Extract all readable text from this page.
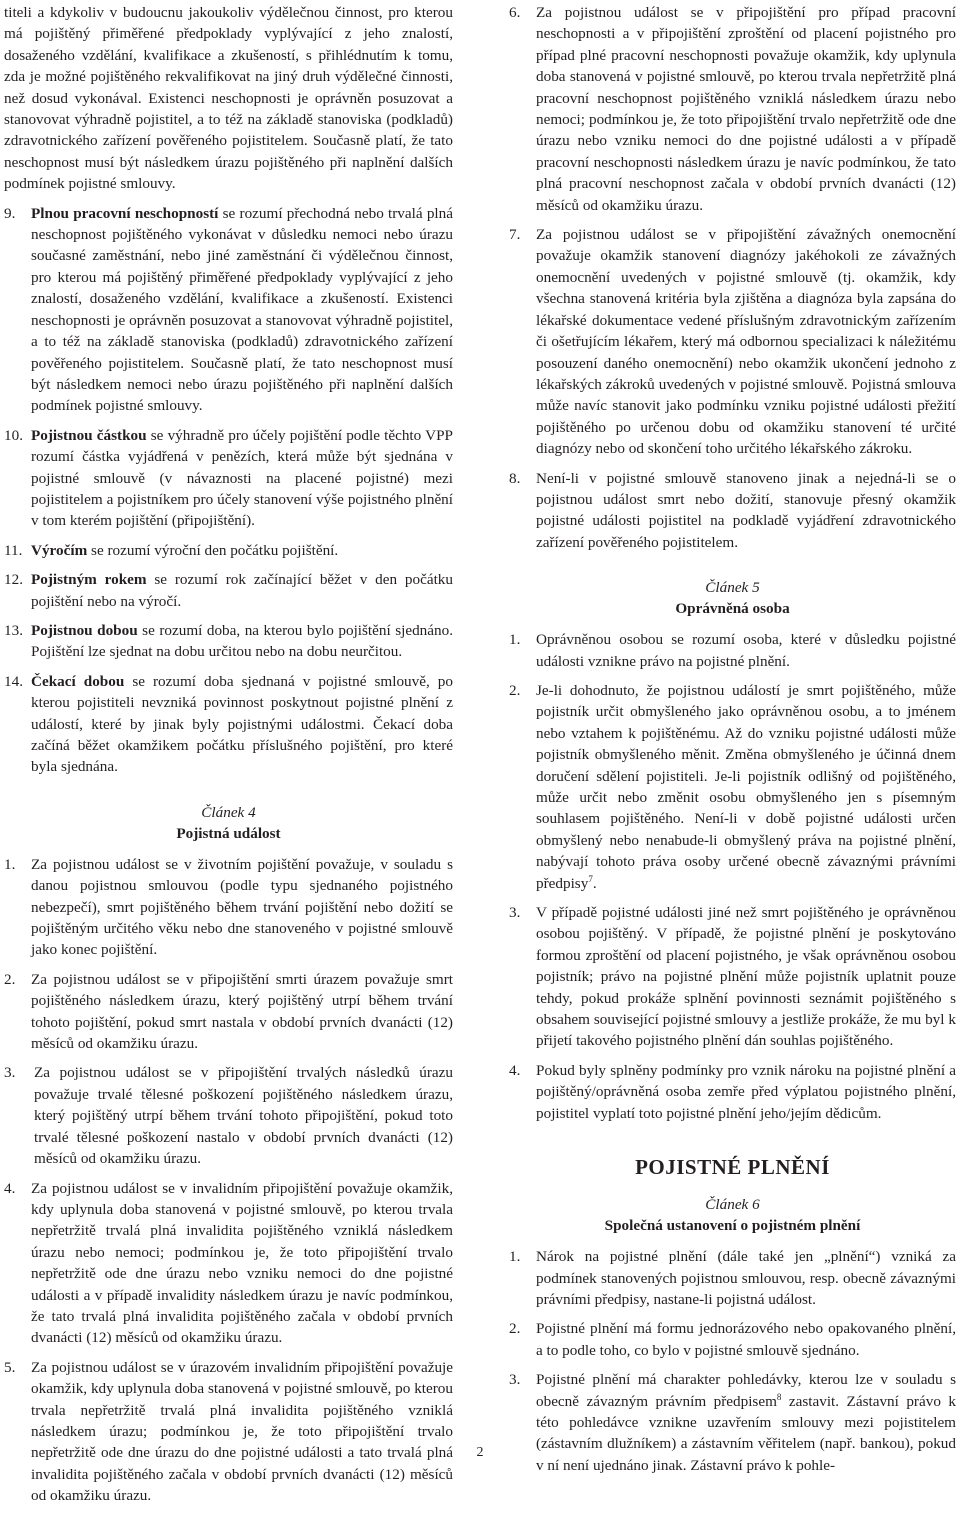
titeli a kdykoliv v budoucnu jakoukoliv výdělečnou činnost, pro kterou má pojištěný přiměřené předpoklady vyplývající z jeho znalostí, dosaženého vzdělání, kvalifikace a zkušeností, s přihlédnutím k tomu, zda je možné pojištěného rekvalifikovat na jiný druh výdělečné činnosti, než dosud vykonával. Existenci neschopnosti je oprávněn posuzovat a stanovovat výhradně pojistitel, a to též na základě stanoviska (podkladů) zdravotnického zařízení pověřeného pojistitelem. Současně platí, že tato neschopnost musí být následkem úrazu pojištěného při naplnění dalších podmínek pojistné smlouvy.

9. Plnou pracovní neschopností se rozumí přechodná nebo trvalá plná neschopnost pojištěného vykonávat v důsledku nemoci nebo úrazu současné zaměstnání, nebo jiné zaměstnání či výdělečnou činnost, pro kterou má pojištěný přiměřené předpoklady vyplývající z jeho znalostí, dosaženého vzdělání, kvalifikace a zkušeností. Existenci neschopnosti je oprávněn posuzovat a stanovovat výhradně pojistitel, a to též na základě stanoviska (podkladů) zdravotnického zařízení pověřeného pojistitelem. Současně platí, že tato neschopnost musí být následkem nemoci nebo úrazu pojištěného při naplnění dalších podmínek pojistné smlouvy.
10. Pojistnou částkou se výhradně pro účely pojištění podle těchto VPP rozumí částka vyjádřená v penězích, která může být sjednána v pojistné smlouvě (v návaznosti na placené pojistné) mezi pojistitelem a pojistníkem pro účely stanovení výše pojistného plnění v tom kterém pojištění (připojištění).
11. Výročím se rozumí výroční den počátku pojištění.
12. Pojistným rokem se rozumí rok začínající běžet v den počátku pojištění nebo na výročí.
13. Pojistnou dobou se rozumí doba, na kterou bylo pojištění sjednáno. Pojištění lze sjednat na dobu určitou nebo na dobu neurčitou.
14. Čekací dobou se rozumí doba sjednaná v pojistné smlouvě, po kterou pojistiteli nevzniká povinnost poskytnout pojistné plnění z událostí, které by jinak byly pojistnými událostmi. Čekací doba začíná běžet okamžikem počátku příslušného pojištění, pro které byla sjednána.
Článek 4
Pojistná událost
1. Za pojistnou událost se v životním pojištění považuje, v souladu s danou pojistnou smlouvou (podle typu sjednaného pojistného nebezpečí), smrt pojištěného během trvání pojištění nebo dožití se pojištěným určitého věku nebo dne stanoveného v pojistné smlouvě jako konec pojištění.
2. Za pojistnou událost se v připojištění smrti úrazem považuje smrt pojištěného následkem úrazu, který pojištěný utrpí během trvání tohoto pojištění, pokud smrt nastala v období prvních dvanácti (12) měsíců od okamžiku úrazu.
3. Za pojistnou událost se v připojištění trvalých následků úrazu považuje trvalé tělesné poškození pojištěného následkem úrazu, který pojištěný utrpí během trvání tohoto připojištění, pokud toto trvalé tělesné poškození nastalo v období prvních dvanácti (12) měsíců od okamžiku úrazu.
4. Za pojistnou událost se v invalidním připojištění považuje okamžik, kdy uplynula doba stanovená v pojistné smlouvě, po kterou trvala nepřetržitě trvalá plná invalidita pojištěného vzniklá následkem úrazu nebo nemoci; podmínkou je, že toto připojištění trvalo nepřetržitě ode dne úrazu nebo vzniku nemoci do dne pojistné události a v případě invalidity následkem úrazu je navíc podmínkou, že tato trvalá plná invalidita pojištěného začala v období prvních dvanácti (12) měsíců od okamžiku úrazu.
5. Za pojistnou událost se v úrazovém invalidním připojištění považuje okamžik, kdy uplynula doba stanovená v pojistné smlouvě, po kterou trvala nepřetržitě trvalá plná invalidita pojištěného vzniklá následkem úrazu; podmínkou je, že toto připojištění trvalo nepřetržitě ode dne úrazu do dne pojistné události a tato trvalá plná invalidita pojištěného začala v období prvních dvanácti (12) měsíců od okamžiku úrazu.
6. Za pojistnou událost se v připojištění pro případ pracovní neschopnosti a v připojištění zproštění od placení pojistného pro případ plné pracovní neschopnosti považuje okamžik, kdy uplynula doba stanovená v pojistné smlouvě, po kterou trvala nepřetržitě plná pracovní neschopnost pojištěného vzniklá následkem úrazu nebo nemoci; podmínkou je, že toto připojištění trvalo nepřetržitě ode dne úrazu nebo vzniku nemoci do dne pojistné události a v případě pracovní neschopnosti následkem úrazu je navíc podmínkou, že tato plná pracovní neschopnost začala v období prvních dvanácti (12) měsíců od okamžiku úrazu.
7. Za pojistnou událost se v připojištění závažných onemocnění považuje okamžik stanovení diagnózy jakéhokoli ze závažných onemocnění uvedených v pojistné smlouvě (tj. okamžik, kdy všechna stanovená kritéria byla zjištěna a diagnóza byla zapsána do lékařské dokumentace vedené příslušným zdravotnickým zařízením či ošetřujícím lékařem, který má odbornou specializaci k náležitému posouzení daného onemocnění) nebo okamžik ukončení jednoho z lékařských zákroků uvedených v pojistné smlouvě. Pojistná smlouva může navíc stanovit jako podmínku vzniku pojistné události přežití pojištěného po určenou dobu od okamžiku stanovení té určité diagnózy nebo od skončení toho určitého lékařského zákroku.
8. Není-li v pojistné smlouvě stanoveno jinak a nejedná-li se o pojistnou událost smrt nebo dožití, stanovuje přesný okamžik pojistné události pojistitel na podkladě vyjádření zdravotnického zařízení pověřeného pojistitelem.
Článek 5
Oprávněná osoba
1. Oprávněnou osobou se rozumí osoba, které v důsledku pojistné události vznikne právo na pojistné plnění.
2. Je-li dohodnuto, že pojistnou událostí je smrt pojištěného, může pojistník určit obmyšleného jako oprávněnou osobu, a to jménem nebo vztahem k pojištěnému. Až do vzniku pojistné události může pojistník obmyšleného měnit. Změna obmyšleného je účinná dnem doručení sdělení pojistiteli. Je-li pojistník odlišný od pojištěného, může určit nebo změnit osobu obmyšleného jen s písemným souhlasem pojištěného. Není-li v době pojistné události určen obmyšlený nebo nenabude-li obmyšlený práva na pojistné plnění, nabývají tohoto práva osoby určené obecně závaznými právními předpisy$^7$.
3. V případě pojistné události jiné než smrt pojištěného je oprávněnou osobou pojištěný. V případě, že pojistné plnění je poskytováno formou zproštění od placení pojistného, je však oprávněnou osobou pojistník; právo na pojistné plnění může pojistník uplatnit pouze tehdy, pokud prokáže splnění povinnosti seznámit pojištěného s obsahem související pojistné smlouvy a jestliže prokáže, že mu byl k přijetí takového pojistného plnění dán souhlas pojištěného.
4. Pokud byly splněny podmínky pro vznik nároku na pojistné plnění a pojištěný/oprávněná osoba zemře před výplatou pojistného plnění, pojistitel vyplatí toto pojistné plnění jeho/jejím dědicům.
POJISTNÉ PLNĚNÍ
Článek 6
Společná ustanovení o pojistném plnění
1. Nárok na pojistné plnění (dále také jen „plnění“) vzniká za podmínek stanovených pojistnou smlouvou, resp. obecně závaznými právními předpisy, nastane-li pojistná událost.
2. Pojistné plnění má formu jednorázového nebo opakovaného plnění, a to podle toho, co bylo v pojistné smlouvě sjednáno.
3. Pojistné plnění má charakter pohledávky, kterou lze v souladu s obecně závazným právním předpisem$^8$ zastavit. Zástavní právo k této pohledávce vznikne uzavřením smlouvy mezi pojistitelem (zástavním dlužníkem) a zástavním věřitelem (např. bankou), pokud v ní není ujednáno jinak. Zástavní právo k pohle-
2
